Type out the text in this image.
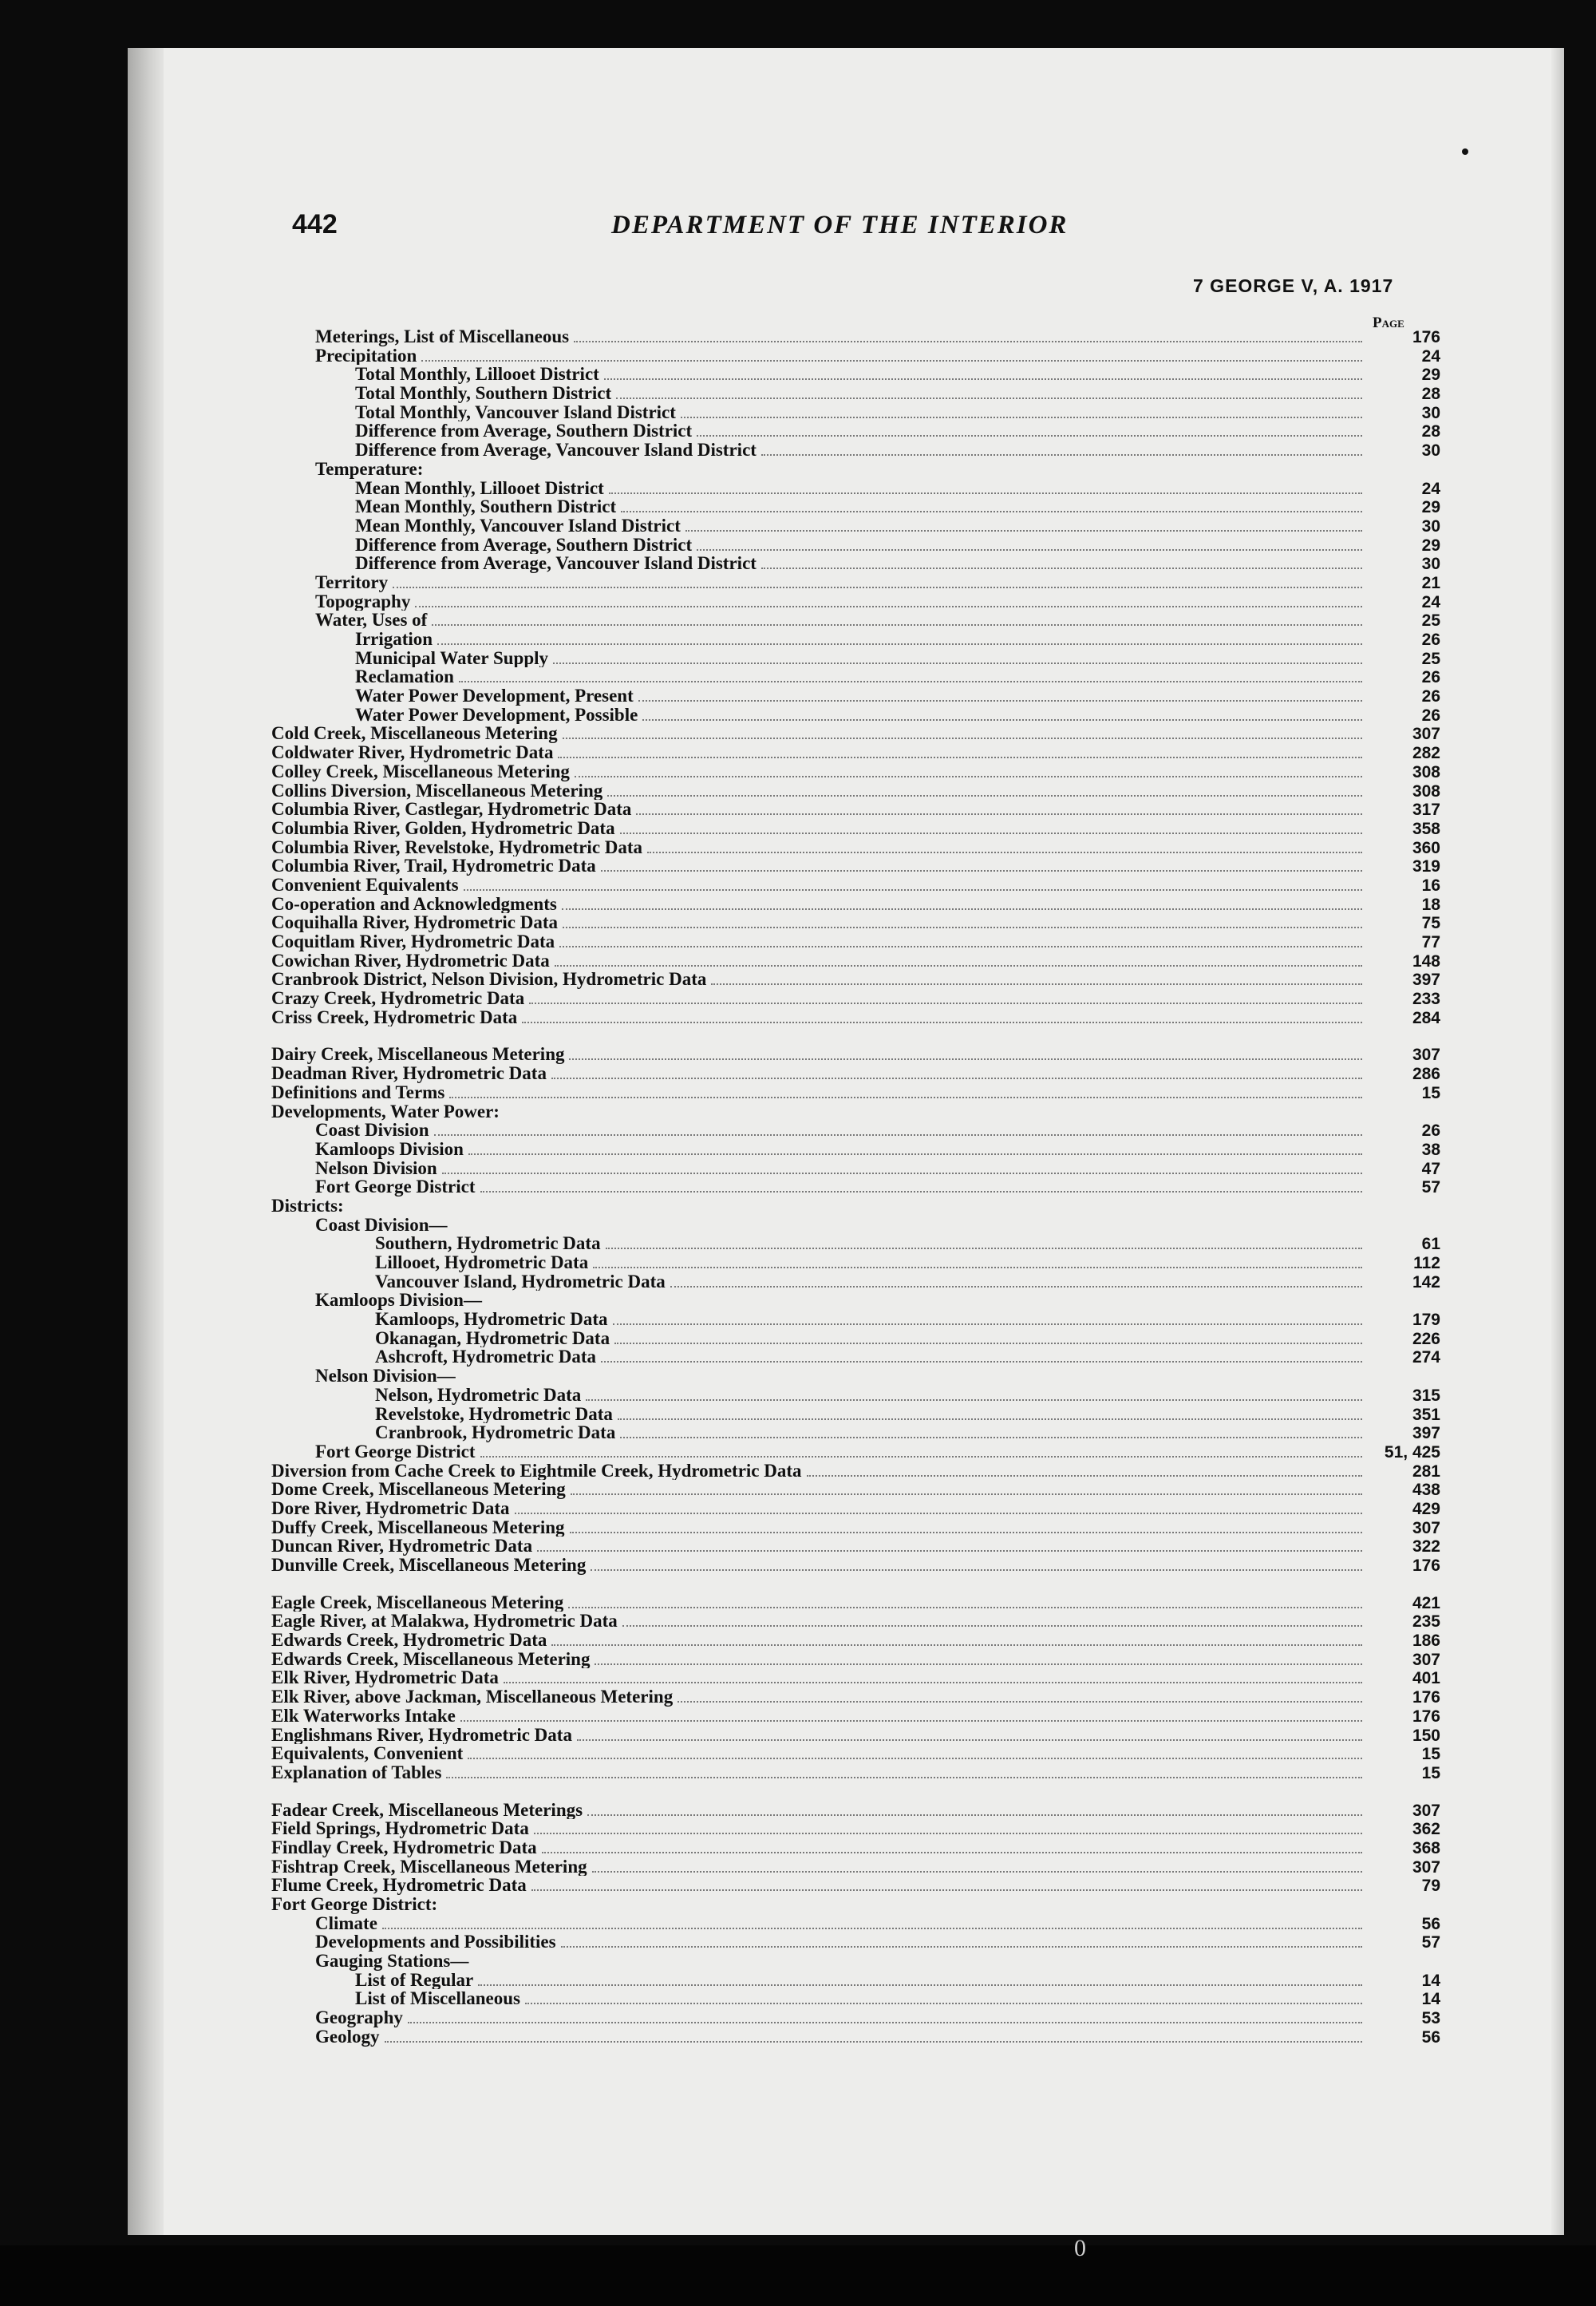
442	DEPARTMENT OF THE INTERIOR
7 GEORGE V, A. 1917
Page
Meterings, List of Miscellaneous	176
Precipitation	24
Total Monthly, Lillooet District	29
Total Monthly, Southern District	28
Total Monthly, Vancouver Island District	30
Difference from Average, Southern District	28
Difference from Average, Vancouver Island District	30
Temperature:
Mean Monthly, Lillooet District	24
Mean Monthly, Southern District	29
Mean Monthly, Vancouver Island District	30
Difference from Average, Southern District	29
Difference from Average, Vancouver Island District	30
Territory	21
Topography	24
Water, Uses of	25
Irrigation	26
Municipal Water Supply	25
Reclamation	26
Water Power Development, Present	26
Water Power Development, Possible	26
Cold Creek, Miscellaneous Metering	307
Coldwater River, Hydrometric Data	282
Colley Creek, Miscellaneous Metering	308
Collins Diversion, Miscellaneous Metering	308
Columbia River, Castlegar, Hydrometric Data	317
Columbia River, Golden, Hydrometric Data	358
Columbia River, Revelstoke, Hydrometric Data	360
Columbia River, Trail, Hydrometric Data	319
Convenient Equivalents	16
Co-operation and Acknowledgments	18
Coquihalla River, Hydrometric Data	75
Coquitlam River, Hydrometric Data	77
Cowichan River, Hydrometric Data	148
Cranbrook District, Nelson Division, Hydrometric Data	397
Crazy Creek, Hydrometric Data	233
Criss Creek, Hydrometric Data	284
Dairy Creek, Miscellaneous Metering	307
Deadman River, Hydrometric Data	286
Definitions and Terms	15
Developments, Water Power:
Coast Division	26
Kamloops Division	38
Nelson Division	47
Fort George District	57
Districts:
Coast Division—
Southern, Hydrometric Data	61
Lillooet, Hydrometric Data	112
Vancouver Island, Hydrometric Data	142
Kamloops Division—
Kamloops, Hydrometric Data	179
Okanagan, Hydrometric Data	226
Ashcroft, Hydrometric Data	274
Nelson Division—
Nelson, Hydrometric Data	315
Revelstoke, Hydrometric Data	351
Cranbrook, Hydrometric Data	397
Fort George District	51, 425
Diversion from Cache Creek to Eightmile Creek, Hydrometric Data	281
Dome Creek, Miscellaneous Metering	438
Dore River, Hydrometric Data	429
Duffy Creek, Miscellaneous Metering	307
Duncan River, Hydrometric Data	322
Dunville Creek, Miscellaneous Metering	176
Eagle Creek, Miscellaneous Metering	421
Eagle River, at Malakwa, Hydrometric Data	235
Edwards Creek, Hydrometric Data	186
Edwards Creek, Miscellaneous Metering	307
Elk River, Hydrometric Data	401
Elk River, above Jackman, Miscellaneous Metering	176
Elk Waterworks Intake	176
Englishmans River, Hydrometric Data	150
Equivalents, Convenient	15
Explanation of Tables	15
Fadear Creek, Miscellaneous Meterings	307
Field Springs, Hydrometric Data	362
Findlay Creek, Hydrometric Data	368
Fishtrap Creek, Miscellaneous Metering	307
Flume Creek, Hydrometric Data	79
Fort George District:
Climate	56
Developments and Possibilities	57
Gauging Stations—
List of Regular	14
List of Miscellaneous	14
Geography	53
Geology	56
0
